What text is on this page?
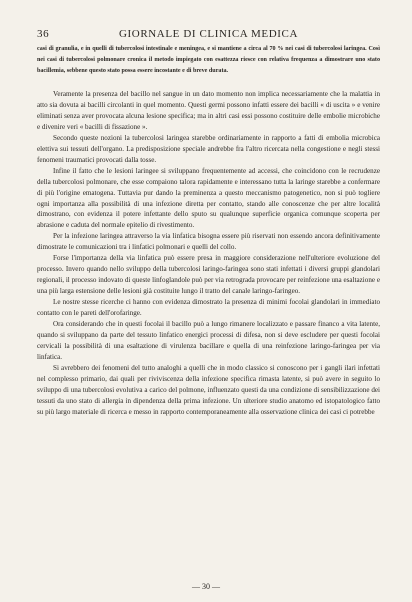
36	GIORNALE DI CLINICA MEDICA

casi di granulia, e in quelli di tubercolosi intestinale e meningea, e si mantiene a circa al 70 % nei casi di tubercolosi laringea. Così nei casi di tubercolosi polmonare cronica il metodo impiegato con esattezza riesce con relativa frequenza a dimostrare uno stato bacillemia, sebbene questo stato possa essere incostante e di breve durata.

Veramente la presenza del bacillo nel sangue in un dato momento non implica necessariamente che la malattia in atto sia dovuta ai bacilli circolanti in quel momento. Questi germi possono infatti essere dei bacilli « di uscita » e venire eliminati senza aver provocata alcuna lesione specifica; ma in altri casi essi possono costituire delle embolie microbiche e divenire veri « bacilli di fissazione ».

Secondo queste nozioni la tubercolosi laringea starebbe ordinariamente in rapporto a fatti di embolia microbica elettiva sui tessuti dell'organo. La predisposizione speciale andrebbe fra l'altro ricercata nella congestione e negli stessi fenomeni traumatici provocati dalla tosse.

Infine il fatto che le lesioni laringee si sviluppano frequentemente ad accessi, che coincidono con le recrudenze della tubercolosi polmonare, che esse compaiono talora rapidamente e interessano tutta la laringe starebbe a confermare di più l'origine ematogena. Tuttavia pur dando la preminenza a questo meccanismo patogenetico, non si può togliere ogni importanza alla possibilità di una infezione diretta per contatto, stando alle conoscenze che per altre località dimostrano, con evidenza il potere infettante dello sputo su qualunque superficie organica comunque scoperta per abrasione e caduta del normale epitelio di rivestimento.

Per la infezione laringea attraverso la via linfatica bisogna essere più riservati non essendo ancora definitivamente dimostrate le comunicazioni tra i linfatici polmonari e quelli del collo.

Forse l'importanza della via linfatica può essere presa in maggiore considerazione nell'ulteriore evoluzione del processo. Invero quando nello sviluppo della tubercolosi laringo-faringea sono stati infettati i diversi gruppi glandolari regionali, il processo indovato di queste linfoglandole può per via retrograda provocare per reinfezione una esaltazione e una più larga estensione delle lesioni già costituite lungo il tratto del canale laringo-faringeo.

Le nostre stesse ricerche ci hanno con evidenza dimostrato la presenza di minimi focolai glandolari in immediato contatto con le pareti dell'orofaringe.

Ora considerando che in questi focolai il bacillo può a lungo rimanere localizzato e passare financo a vita latente, quando si sviluppano da parte del tessuto linfatico energici processi di difesa, non si deve escludere per questi focolai cervicali la possibilità di una esaltazione di virulenza bacillare e quella di una reinfezione laringo-faringea per via linfatica.

Si avrebbero dei fenomeni del tutto analoghi a quelli che in modo classico si conoscono per i gangli ilari infettati nel complesso primario, dai quali per riviviscenza della infezione specifica rimasta latente, si può avere in seguito lo sviluppo di una tubercolosi evolutiva a carico del polmone, influenzato questi da una condizione di sensibilizzazione dei tessuti da uno stato di allergia in dipendenza della prima infezione. Un ulteriore studio anatomo ed istopatologico fatto su più largo materiale di ricerca e messo in rapporto contemporaneamente alla osservazione clinica dei casi ci potrebbe

— 30 —
